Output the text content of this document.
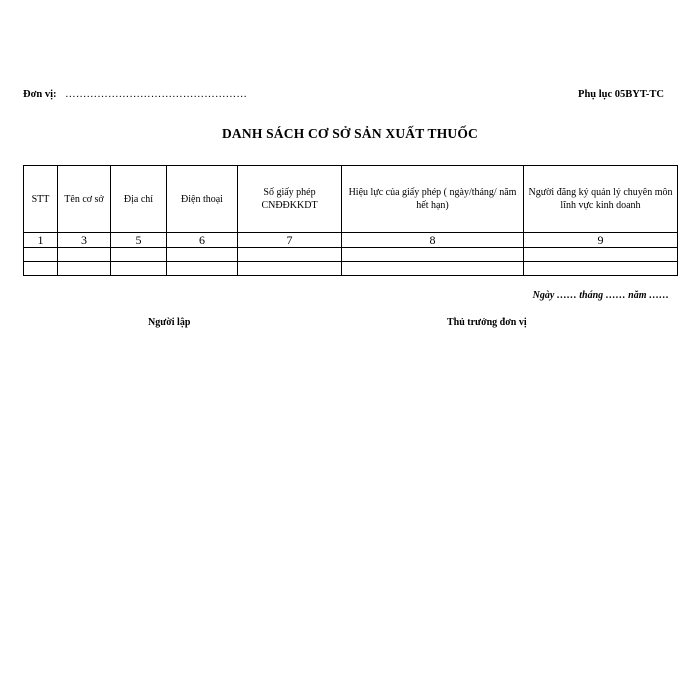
Đơn vị: ……………………………………………	Phụ lục 05BYT-TC
DANH SÁCH CƠ SỞ SẢN XUẤT THUỐC
STT	Tên cơ sở	Địa chỉ	Điện thoại	Số giấy phép CNĐĐKKDT	Hiệu lực của giấy phép ( ngày/tháng/ năm hết hạn)	Người đăng ký quản lý chuyên môn lĩnh vực kinh doanh
1	3	5	6	7	8	9

Ngày …… tháng …… năm ……
Người lập	Thủ trưởng đơn vị
